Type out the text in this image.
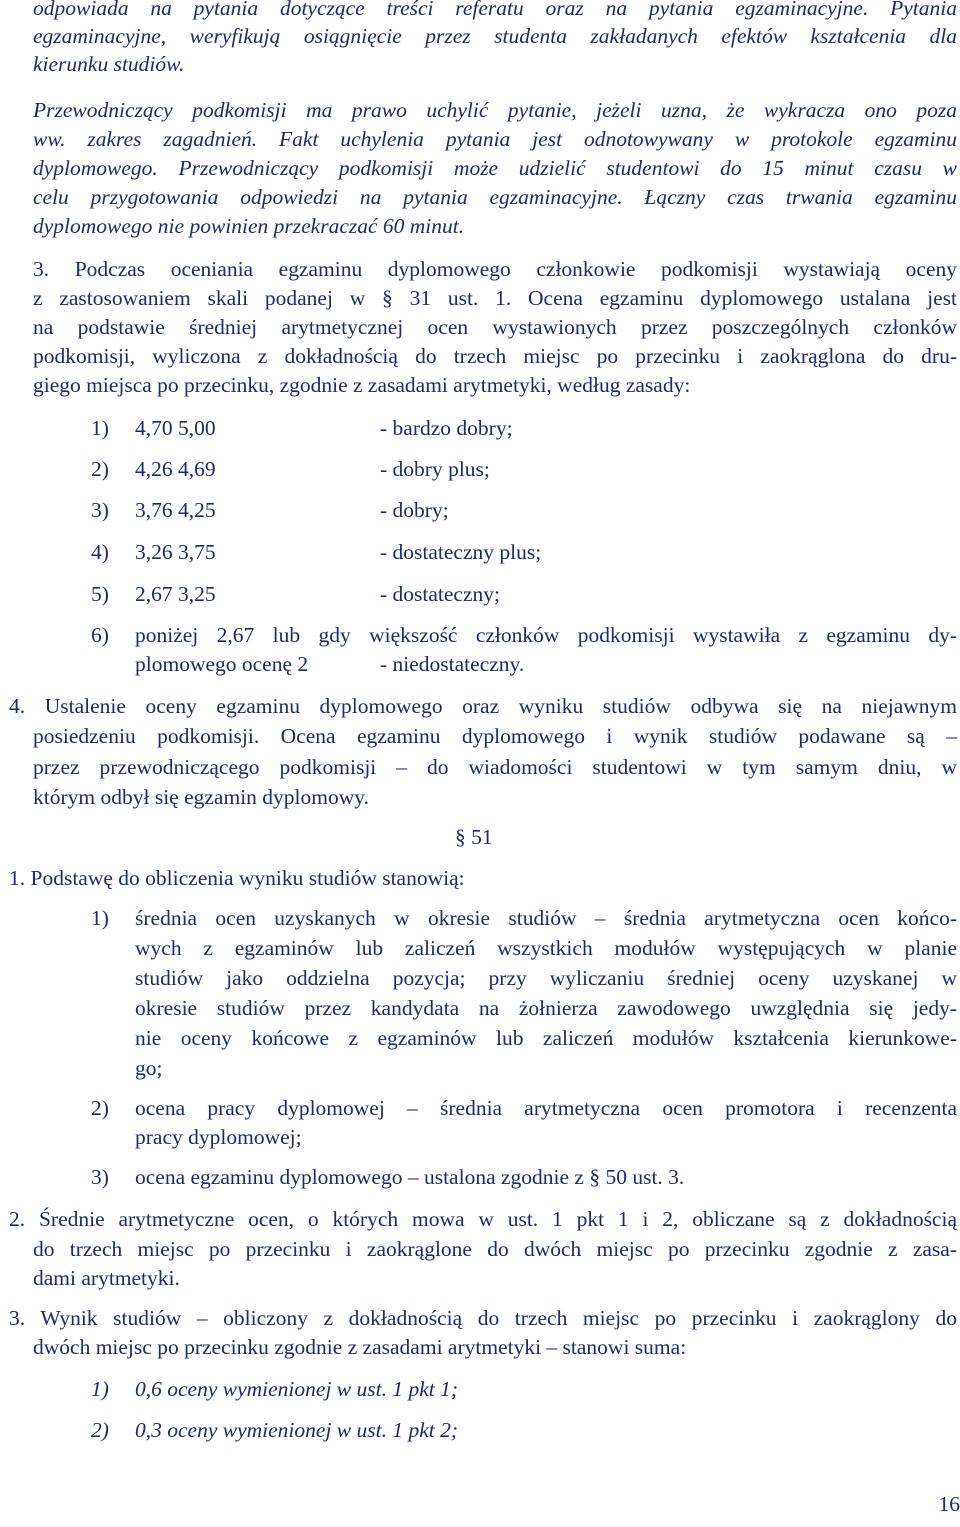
odpowiada na pytania dotyczące treści referatu oraz na pytania egzaminacyjne. Pytania
egzaminacyjne, weryfikują osiągnięcie przez studenta zakładanych efektów kształcenia dla
kierunku studiów.
Przewodniczący podkomisji ma prawo uchylić pytanie, jeżeli uzna, że wykracza ono poza
ww. zakres zagadnień. Fakt uchylenia pytania jest odnotowywany w protokole egzaminu
dyplomowego. Przewodniczący podkomisji może udzielić studentowi do 15 minut czasu w
celu przygotowania odpowiedzi na pytania egzaminacyjne. Łączny czas trwania egzaminu
dyplomowego nie powinien przekraczać 60 minut.
3. Podczas oceniania egzaminu dyplomowego członkowie podkomisji wystawiają oceny
z zastosowaniem skali podanej w § 31 ust. 1. Ocena egzaminu dyplomowego ustalana jest
na podstawie średniej arytmetycznej ocen wystawionych przez poszczególnych członków
podkomisji, wyliczona z dokładnością do trzech miejsc po przecinku i zaokrąglona do dru-
giego miejsca po przecinku, zgodnie z zasadami arytmetyki, według zasady:
1) 4,70 5,00	- bardzo dobry;
2) 4,26 4,69	- dobry plus;
3) 3,76 4,25	- dobry;
4) 3,26 3,75	- dostateczny plus;
5) 2,67 3,25	- dostateczny;
6) poniżej 2,67 lub gdy większość członków podkomisji wystawiła z egzaminu dy-
plomowego ocenę 2	- niedostateczny.
4. Ustalenie oceny egzaminu dyplomowego oraz wyniku studiów odbywa się na niejawnym
posiedzeniu podkomisji. Ocena egzaminu dyplomowego i wynik studiów podawane są –
przez przewodniczącego podkomisji – do wiadomości studentowi w tym samym dniu, w
którym odbył się egzamin dyplomowy.
§ 51
1. Podstawę do obliczenia wyniku studiów stanowią:
1) średnia ocen uzyskanych w okresie studiów – średnia arytmetyczna ocen końco-
wych z egzaminów lub zaliczeń wszystkich modułów występujących w planie
studiów jako oddzielna pozycja; przy wyliczaniu średniej oceny uzyskanej w
okresie studiów przez kandydata na żołnierza zawodowego uwzględnia się jedy-
nie oceny końcowe z egzaminów lub zaliczeń modułów kształcenia kierunkowe-
go;
2) ocena pracy dyplomowej – średnia arytmetyczna ocen promotora i recenzenta
pracy dyplomowej;
3) ocena egzaminu dyplomowego – ustalona zgodnie z § 50 ust. 3.
2. Średnie arytmetyczne ocen, o których mowa w ust. 1 pkt 1 i 2, obliczane są z dokładnością
do trzech miejsc po przecinku i zaokrąglone do dwóch miejsc po przecinku zgodnie z zasa-
dami arytmetyki.
3. Wynik studiów – obliczony z dokładnością do trzech miejsc po przecinku i zaokrąglony do
dwóch miejsc po przecinku zgodnie z zasadami arytmetyki – stanowi suma:
1) 0,6 oceny wymienionej w ust. 1 pkt 1;
2) 0,3 oceny wymienionej w ust. 1 pkt 2;
16
